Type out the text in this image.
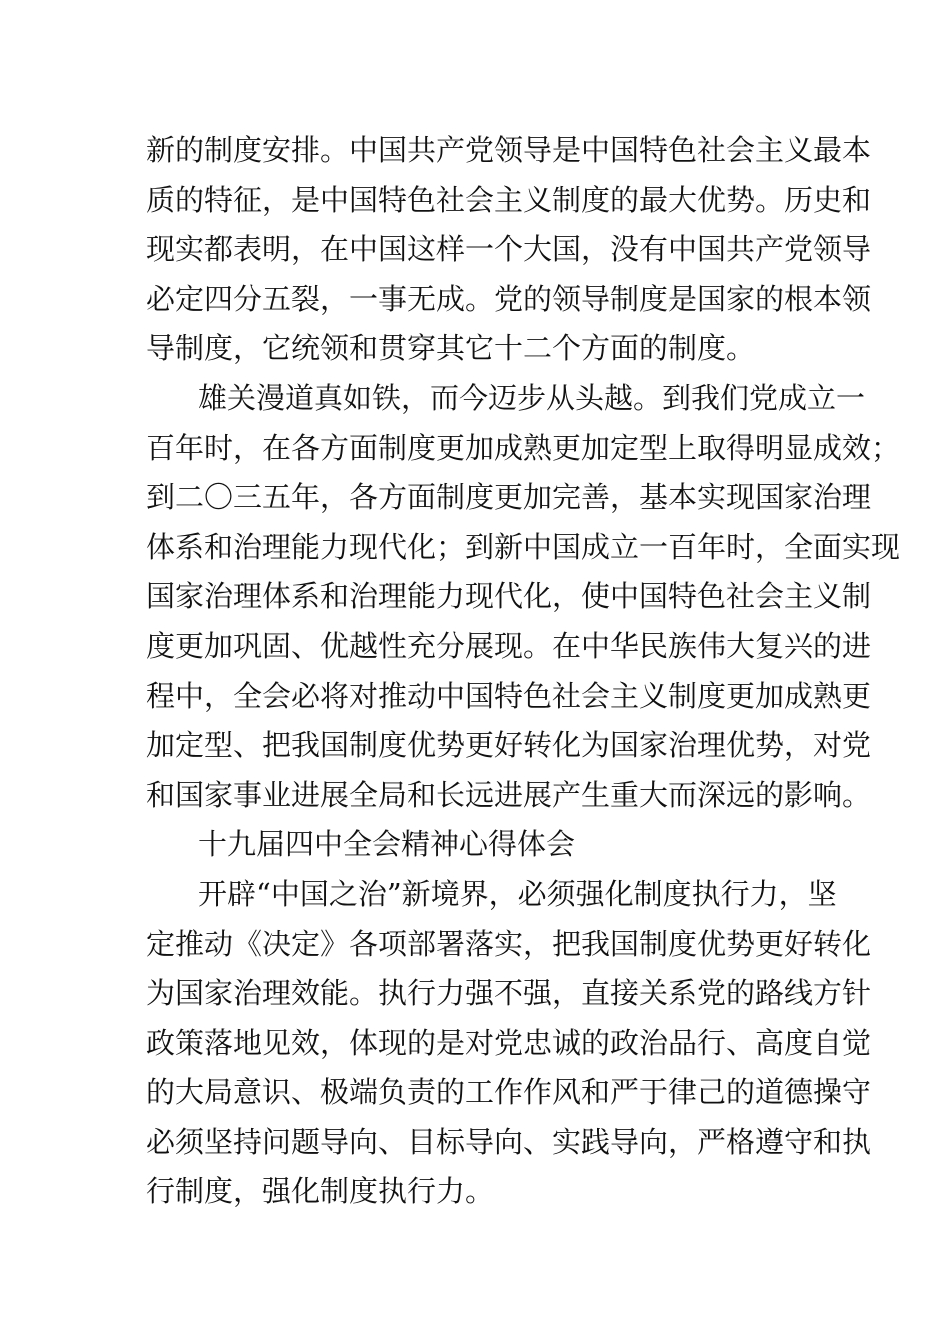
新的制度安排。中国共产党领导是中国特色社会主义最本
质的特征，是中国特色社会主义制度的最大优势。历史和
现实都表明，在中国这样一个大国，没有中国共产党领导
必定四分五裂，一事无成。党的领导制度是国家的根本领
导制度，它统领和贯穿其它十二个方面的制度。
雄关漫道真如铁，而今迈步从头越。到我们党成立一
百年时，在各方面制度更加成熟更加定型上取得明显成效；
到二〇三五年，各方面制度更加完善，基本实现国家治理
体系和治理能力现代化；到新中国成立一百年时，全面实现
国家治理体系和治理能力现代化，使中国特色社会主义制
度更加巩固、优越性充分展现。在中华民族伟大复兴的进
程中，全会必将对推动中国特色社会主义制度更加成熟更
加定型、把我国制度优势更好转化为国家治理优势，对党
和国家事业进展全局和长远进展产生重大而深远的影响。
十九届四中全会精神心得体会
开辟“中国之治”新境界，必须强化制度执行力，坚
定推动《决定》各项部署落实，把我国制度优势更好转化
为国家治理效能。执行力强不强，直接关系党的路线方针
政策落地见效，体现的是对党忠诚的政治品行、高度自觉
的大局意识、极端负责的工作作风和严于律己的道德操守
必须坚持问题导向、目标导向、实践导向，严格遵守和执
行制度，强化制度执行力。
